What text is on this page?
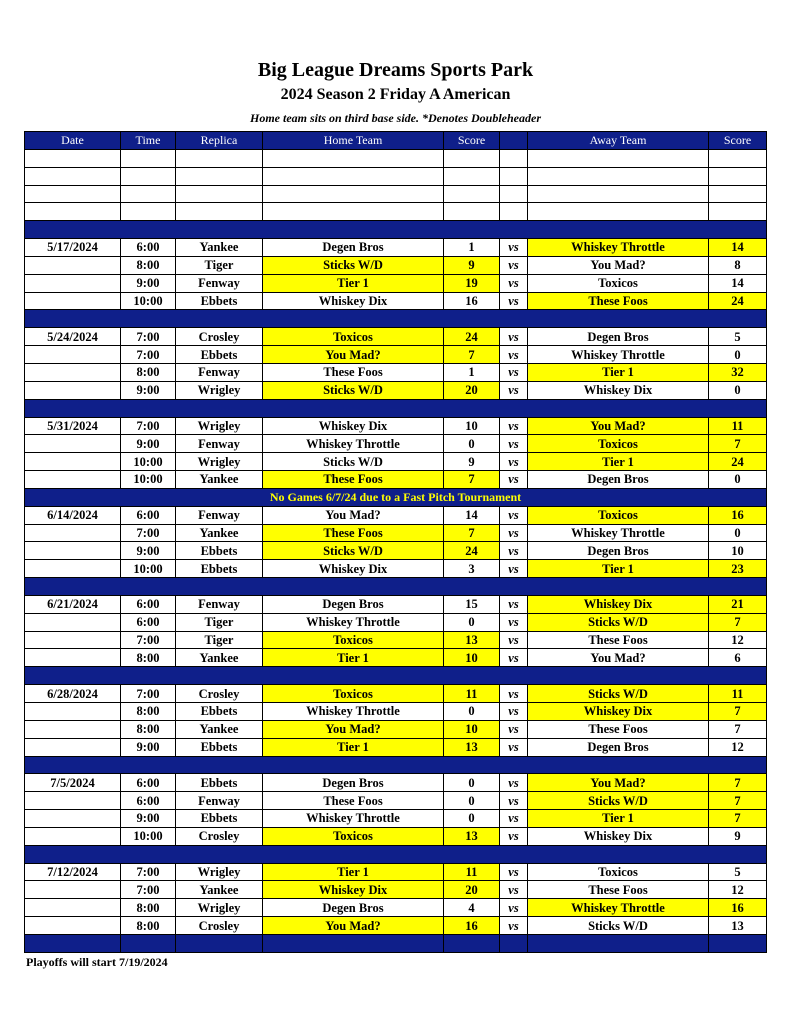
Big League Dreams Sports Park
2024 Season 2 Friday A American
Home team sits on third base side. *Denotes Doubleheader
Date	Time	Replica	Home Team	Score		Away Team	Score

5/17/2024	6:00	Yankee	Degen Bros	1	vs	Whiskey Throttle	14
	8:00	Tiger	Sticks W/D	9	vs	You Mad?	8
	9:00	Fenway	Tier 1	19	vs	Toxicos	14
	10:00	Ebbets	Whiskey Dix	16	vs	These Foos	24

5/24/2024	7:00	Crosley	Toxicos	24	vs	Degen Bros	5
	7:00	Ebbets	You Mad?	7	vs	Whiskey Throttle	0
	8:00	Fenway	These Foos	1	vs	Tier 1	32
	9:00	Wrigley	Sticks W/D	20	vs	Whiskey Dix	0

5/31/2024	7:00	Wrigley	Whiskey Dix	10	vs	You Mad?	11
	9:00	Fenway	Whiskey Throttle	0	vs	Toxicos	7
	10:00	Wrigley	Sticks W/D	9	vs	Tier 1	24
	10:00	Yankee	These Foos	7	vs	Degen Bros	0
No Games 6/7/24 due to a Fast Pitch Tournament							
6/14/2024	6:00	Fenway	You Mad?	14	vs	Toxicos	16
	7:00	Yankee	These Foos	7	vs	Whiskey Throttle	0
	9:00	Ebbets	Sticks W/D	24	vs	Degen Bros	10
	10:00	Ebbets	Whiskey Dix	3	vs	Tier 1	23

6/21/2024	6:00	Fenway	Degen Bros	15	vs	Whiskey Dix	21
	6:00	Tiger	Whiskey Throttle	0	vs	Sticks W/D	7
	7:00	Tiger	Toxicos	13	vs	These Foos	12
	8:00	Yankee	Tier 1	10	vs	You Mad?	6

6/28/2024	7:00	Crosley	Toxicos	11	vs	Sticks W/D	11
	8:00	Ebbets	Whiskey Throttle	0	vs	Whiskey Dix	7
	8:00	Yankee	You Mad?	10	vs	These Foos	7
	9:00	Ebbets	Tier 1	13	vs	Degen Bros	12

7/5/2024	6:00	Ebbets	Degen Bros	0	vs	You Mad?	7
	6:00	Fenway	These Foos	0	vs	Sticks W/D	7
	9:00	Ebbets	Whiskey Throttle	0	vs	Tier 1	7
	10:00	Crosley	Toxicos	13	vs	Whiskey Dix	9

7/12/2024	7:00	Wrigley	Tier 1	11	vs	Toxicos	5
	7:00	Yankee	Whiskey Dix	20	vs	These Foos	12
	8:00	Wrigley	Degen Bros	4	vs	Whiskey Throttle	16
	8:00	Crosley	You Mad?	16	vs	Sticks W/D	13

Playoffs will start 7/19/2024
